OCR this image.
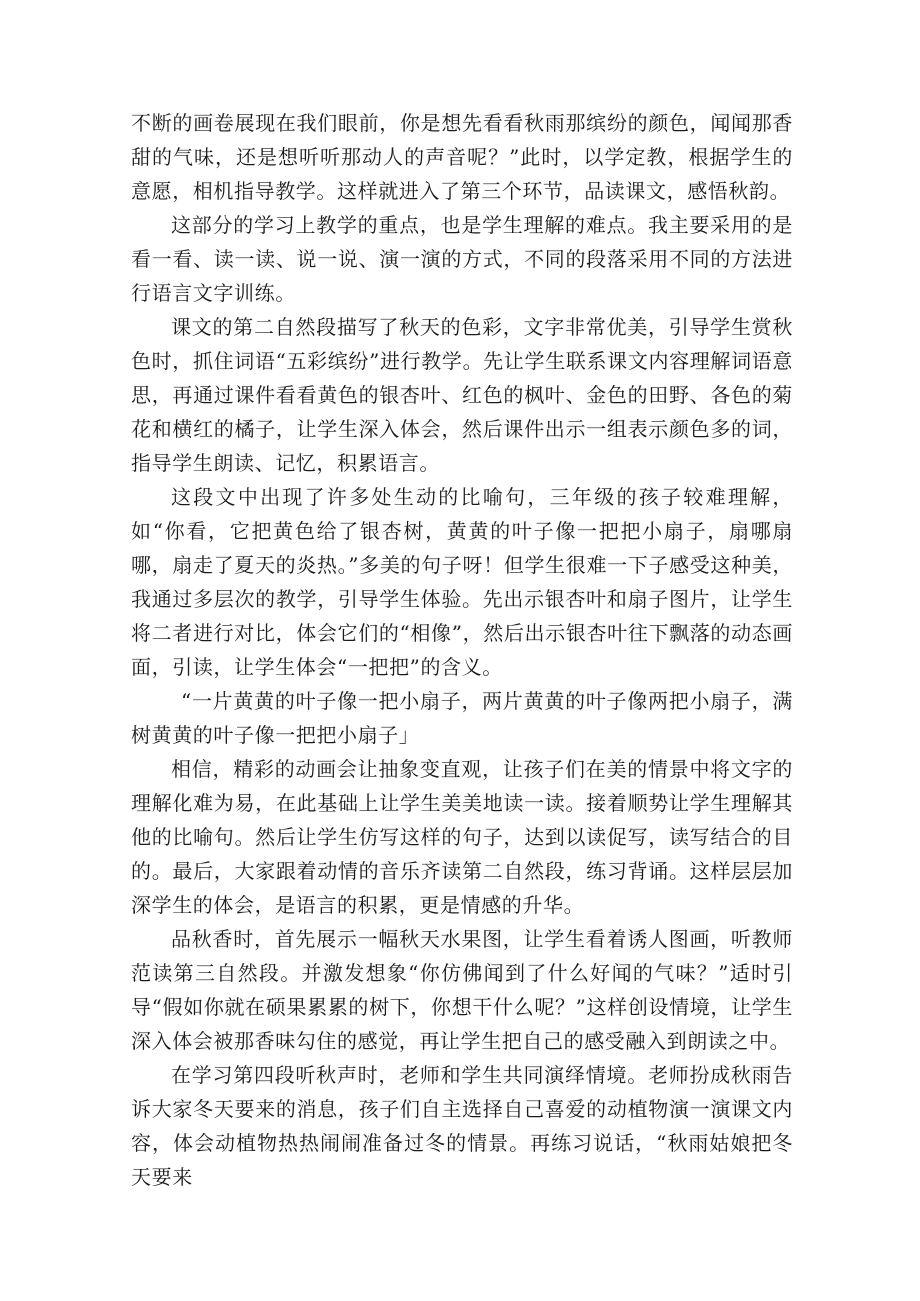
不断的画卷展现在我们眼前，你是想先看看秋雨那缤纷的颜色，闻闻那香甜的气味，还是想听听那动人的声音呢？”此时，以学定教，根据学生的意愿，相机指导教学。这样就进入了第三个环节，品读课文，感悟秋韵。

这部分的学习上教学的重点，也是学生理解的难点。我主要采用的是看一看、读一读、说一说、演一演的方式，不同的段落采用不同的方法进行语言文字训练。

课文的第二自然段描写了秋天的色彩，文字非常优美，引导学生赏秋色时，抓住词语“五彩缤纷”进行教学。先让学生联系课文内容理解词语意思，再通过课件看看黄色的银杏叶、红色的枫叶、金色的田野、各色的菊花和横红的橘子，让学生深入体会，然后课件出示一组表示颜色多的词，指导学生朗读、记忆，积累语言。

这段文中出现了许多处生动的比喻句，三年级的孩子较难理解，如“你看，它把黄色给了银杏树，黄黄的叶子像一把把小扇子，扇哪扇哪，扇走了夏天的炎热。”多美的句子呀！但学生很难一下子感受这种美，我通过多层次的教学，引导学生体验。先出示银杏叶和扇子图片，让学生将二者进行对比，体会它们的“相像”，然后出示银杏叶往下飘落的动态画面，引读，让学生体会“一把把”的含义。

“一片黄黄的叶子像一把小扇子，两片黄黄的叶子像两把小扇子，满树黄黄的叶子像一把把小扇子」

相信，精彩的动画会让抽象变直观，让孩子们在美的情景中将文字的理解化难为易，在此基础上让学生美美地读一读。接着顺势让学生理解其他的比喻句。然后让学生仿写这样的句子，达到以读促写，读写结合的目的。最后，大家跟着动情的音乐齐读第二自然段，练习背诵。这样层层加深学生的体会，是语言的积累，更是情感的升华。

品秋香时，首先展示一幅秋天水果图，让学生看着诱人图画，听教师范读第三自然段。并激发想象“你仿佛闻到了什么好闻的气味？”适时引导“假如你就在硕果累累的树下，你想干什么呢？”这样创设情境，让学生深入体会被那香味勾住的感觉，再让学生把自己的感受融入到朗读之中。

在学习第四段听秋声时，老师和学生共同演绎情境。老师扮成秋雨告诉大家冬天要来的消息，孩子们自主选择自己喜爱的动植物演一演课文内容，体会动植物热热闹闹准备过冬的情景。再练习说话，“秋雨姑娘把冬天要来
